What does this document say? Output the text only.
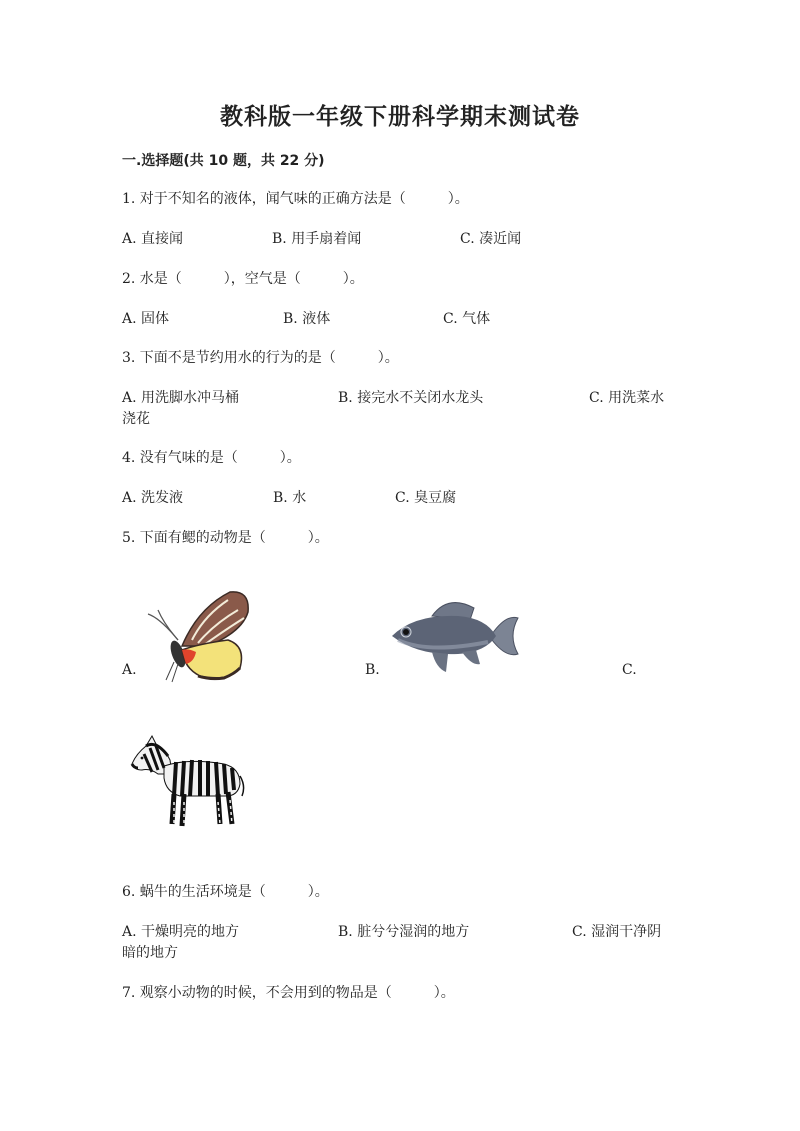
教科版一年级下册科学期末测试卷
一.选择题(共 10 题，共 22 分)
1. 对于不知名的液体，闻气味的正确方法是（　　　）。
A. 直接闻	B. 用手扇着闻	C. 凑近闻
2. 水是（　　　），空气是（　　　）。
A. 固体	B. 液体	C. 气体
3. 下面不是节约用水的行为的是（　　　）。
A. 用洗脚水冲马桶	B. 接完水不关闭水龙头	C. 用洗菜水
浇花
4. 没有气味的是（　　　）。
A. 洗发液	B. 水	C. 臭豆腐
5. 下面有鳃的动物是（　　　）。
A.	B.	C.
6. 蜗牛的生活环境是（　　　）。
A. 干燥明亮的地方	B. 脏兮兮湿润的地方	C. 湿润干净阴
暗的地方
7. 观察小动物的时候，不会用到的物品是（　　　）。
